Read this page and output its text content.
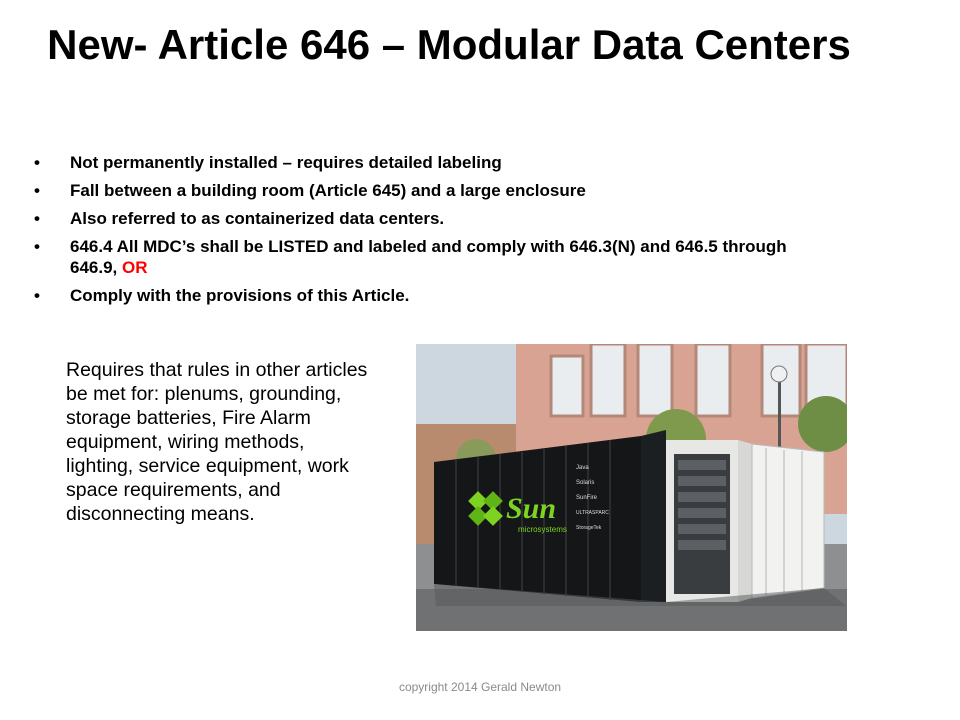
New- Article 646 – Modular Data Centers
• Not permanently installed – requires detailed labeling
• Fall between a building room (Article 645) and a large enclosure
• Also referred to as containerized data centers.
• 646.4 All MDC’s shall be LISTED and labeled and comply with 646.3(N) and 646.5 through 646.9, OR
• Comply with the provisions of this Article.
Requires that rules in other articles be met for: plenums, grounding, storage batteries, Fire Alarm equipment, wiring methods, lighting, service equipment, work space requirements, and disconnecting means.	Sun
microsystems
Java
Solaris
SunFire
ULTRASPARC
StorageTek
copyright 2014 Gerald Newton
